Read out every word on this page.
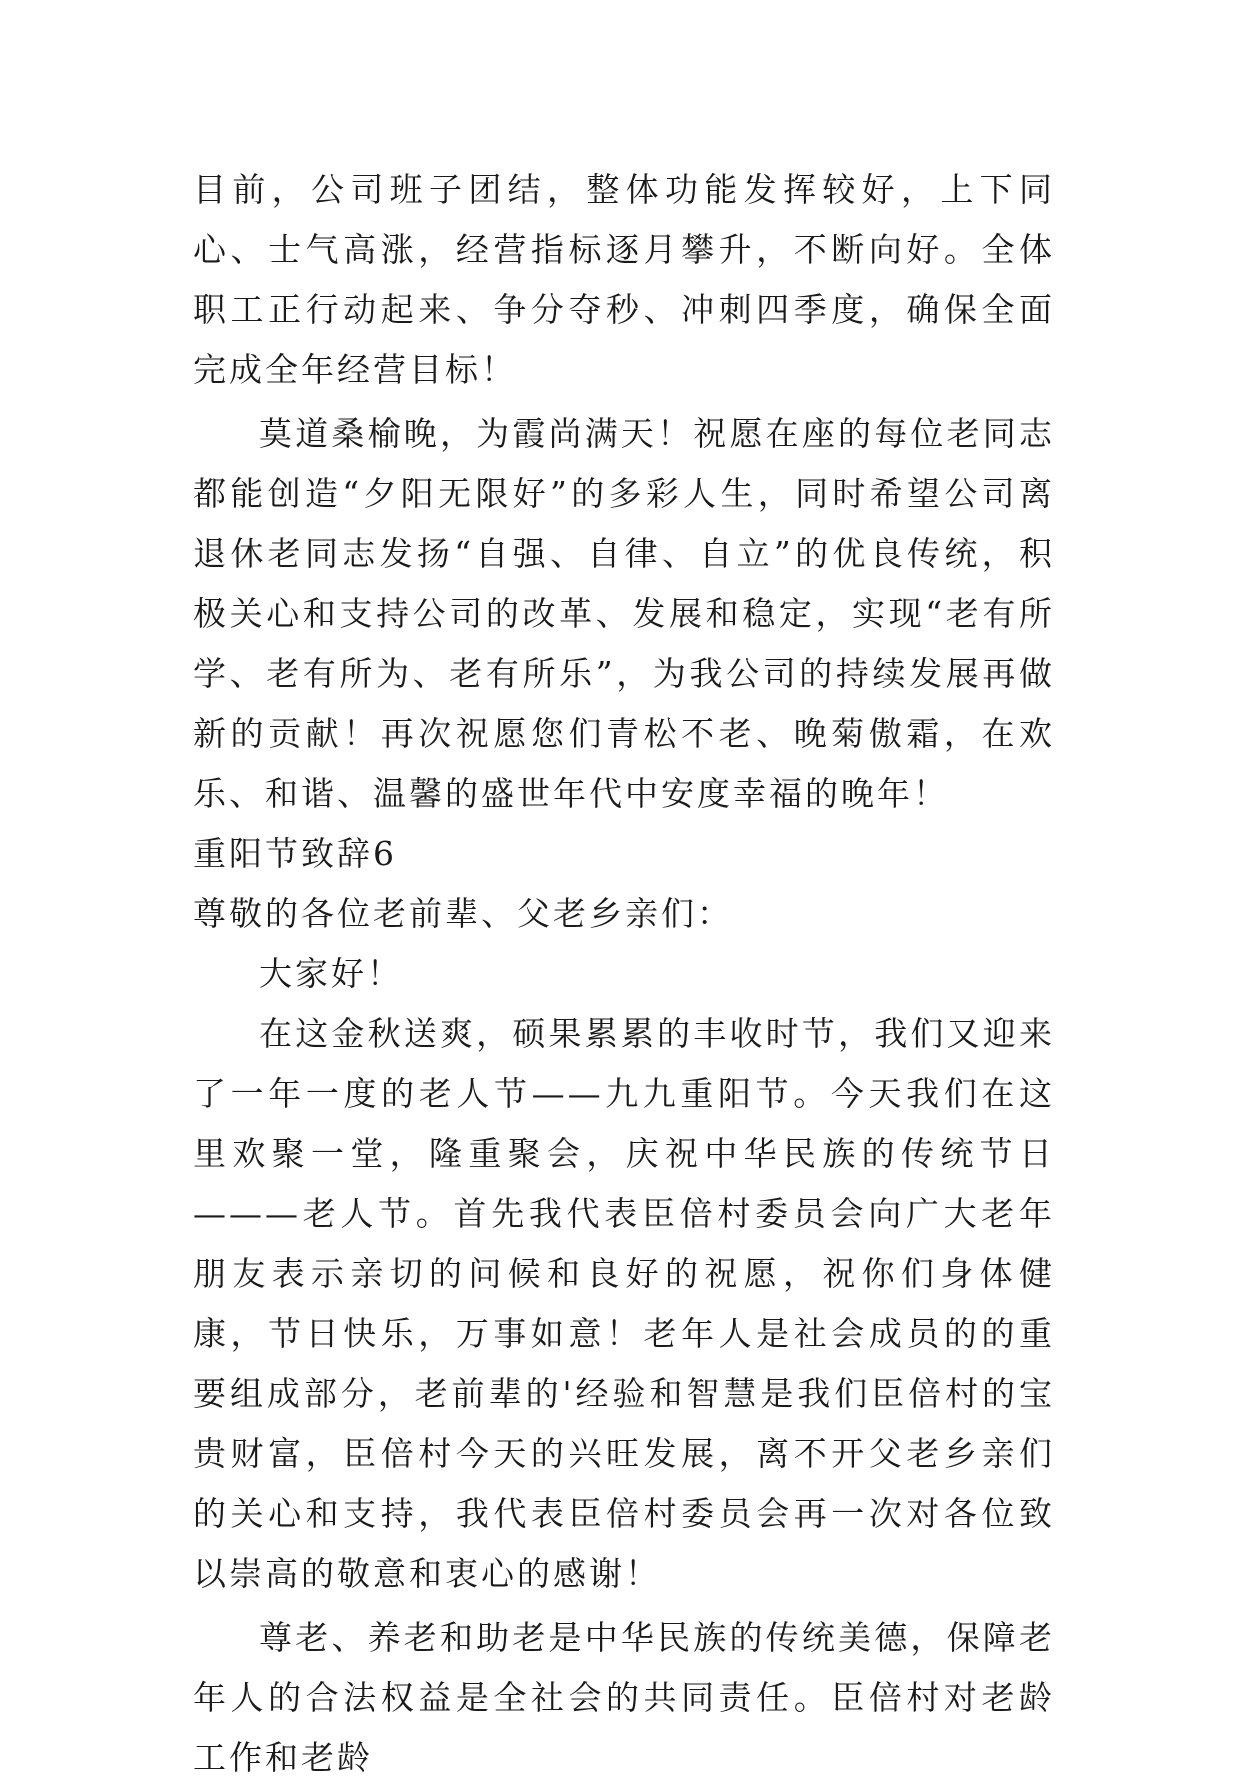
目前，公司班子团结，整体功能发挥较好，上下同心、士气高涨，经营指标逐月攀升，不断向好。全体职工正行动起来、争分夺秒、冲刺四季度，确保全面完成全年经营目标！

莫道桑榆晚，为霞尚满天！祝愿在座的每位老同志都能创造“夕阳无限好”的多彩人生，同时希望公司离退休老同志发扬“自强、自律、自立”的优良传统，积极关心和支持公司的改革、发展和稳定，实现“老有所学、老有所为、老有所乐”，为我公司的持续发展再做新的贡献！再次祝愿您们青松不老、晚菊傲霜，在欢乐、和谐、温馨的盛世年代中安度幸福的晚年！

重阳节致辞6

尊敬的各位老前辈、父老乡亲们：

大家好！

在这金秋送爽，硕果累累的丰收时节，我们又迎来了一年一度的老人节——九九重阳节。今天我们在这里欢聚一堂，隆重聚会，庆祝中华民族的传统节日———老人节。首先我代表臣倍村委员会向广大老年朋友表示亲切的问候和良好的祝愿，祝你们身体健康，节日快乐，万事如意！老年人是社会成员的的重要组成部分，老前辈的'经验和智慧是我们臣倍村的宝贵财富，臣倍村今天的兴旺发展，离不开父老乡亲们的关心和支持，我代表臣倍村委员会再一次对各位致以崇高的敬意和衷心的感谢！

尊老、养老和助老是中华民族的传统美德，保障老年人的合法权益是全社会的共同责任。臣倍村对老龄工作和老龄
